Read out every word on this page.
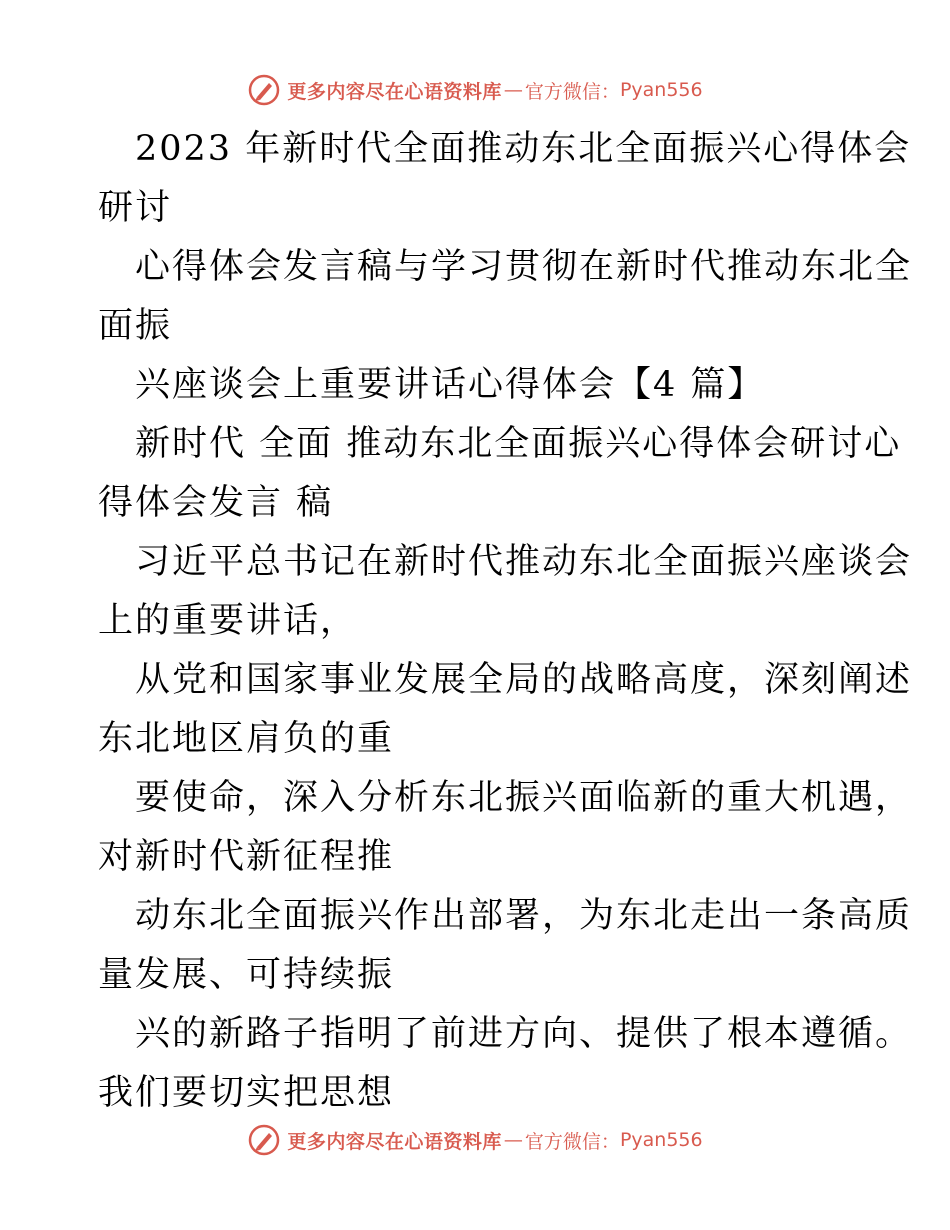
更多内容尽在心语资料库 — 官方微信： Pyan556

2023 年新时代全面推动东北全面振兴心得体会
研讨

心得体会发言稿与学习贯彻在新时代推动东北全
面振

兴座谈会上重要讲话心得体会【4 篇】

新时代 全面 推动东北全面振兴心得体会研讨心
得体会发言 稿

习近平总书记在新时代推动东北全面振兴座谈会
上的重要讲话，

从党和国家事业发展全局的战略高度，深刻阐述
东北地区肩负的重

要使命，深入分析东北振兴面临新的重大机遇，
对新时代新征程推

动东北全面振兴作出部署，为东北走出一条高质
量发展、可持续振

兴的新路子指明了前进方向、提供了根本遵循。
我们要切实把思想

更多内容尽在心语资料库 — 官方微信： Pyan556
